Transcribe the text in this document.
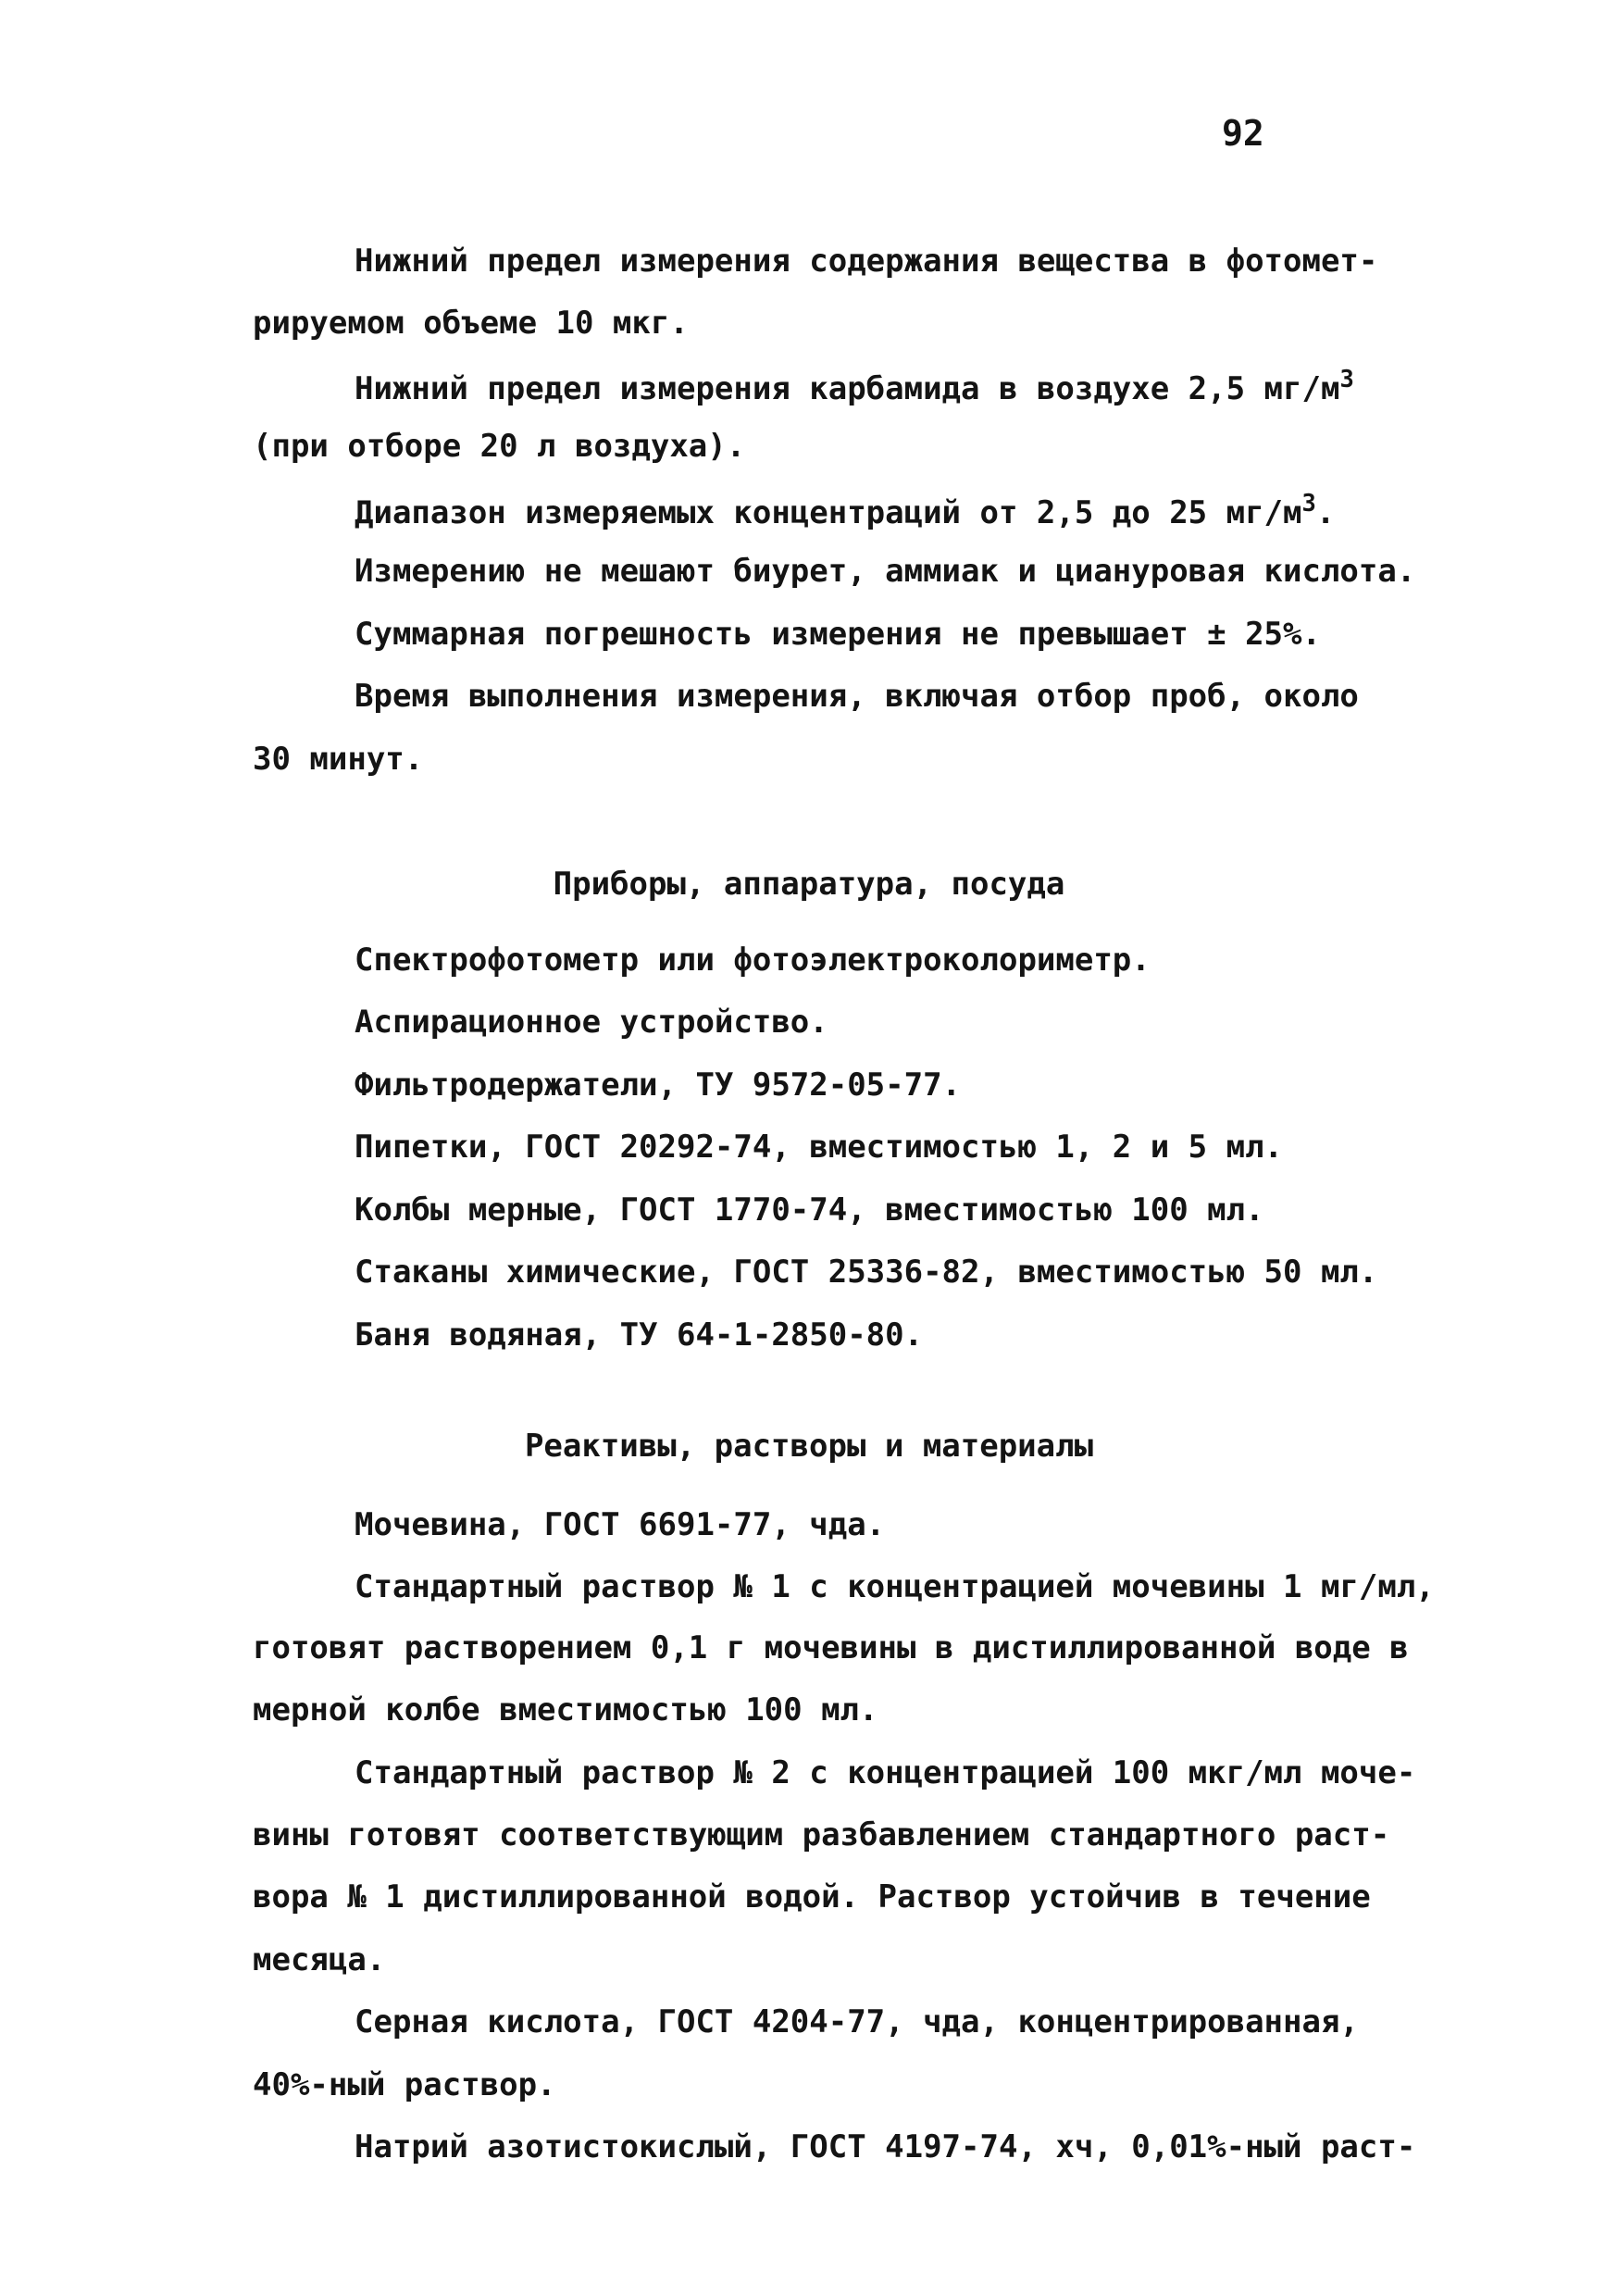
92
Нижний предел измерения содержания вещества в фотомет-
рируемом объеме 10 мкг.
Нижний предел измерения карбамида в воздухе 2,5 $мг/м^3$
(при отборе 20 л воздуха).
Диапазон измеряемых концентраций от 2,5 до 25 $мг/м^3$.
Измерению не мешают биурет, аммиак и циануровая кислота.
Суммарная погрешность измерения не превышает ± 25%.
Время выполнения измерения, включая отбор проб, около
30 минут.
Приборы, аппаратура, посуда
Спектрофотометр или фотоэлектроколориметр.
Аспирационное устройство.
Фильтродержатели, ТУ 9572-05-77.
Пипетки, ГОСТ 20292-74, вместимостью 1, 2 и 5 мл.
Колбы мерные, ГОСТ 1770-74, вместимостью 100 мл.
Стаканы химические, ГОСТ 25336-82, вместимостью 50 мл.
Баня водяная, ТУ 64-1-2850-80.
Реактивы, растворы и материалы
Мочевина, ГОСТ 6691-77, чда.
Стандартный раствор № 1 с концентрацией мочевины 1 мг/мл,
готовят растворением 0,1 г мочевины в дистиллированной воде в
мерной колбе вместимостью 100 мл.
Стандартный раствор № 2 с концентрацией 100 мкг/мл моче-
вины готовят соответствующим разбавлением стандартного раст-
вора № 1 дистиллированной водой. Раствор устойчив в течение
месяца.
Серная кислота, ГОСТ 4204-77, чда, концентрированная,
40%-ный раствор.
Натрий азотистокислый, ГОСТ 4197-74, хч, 0,01%-ный раст-
